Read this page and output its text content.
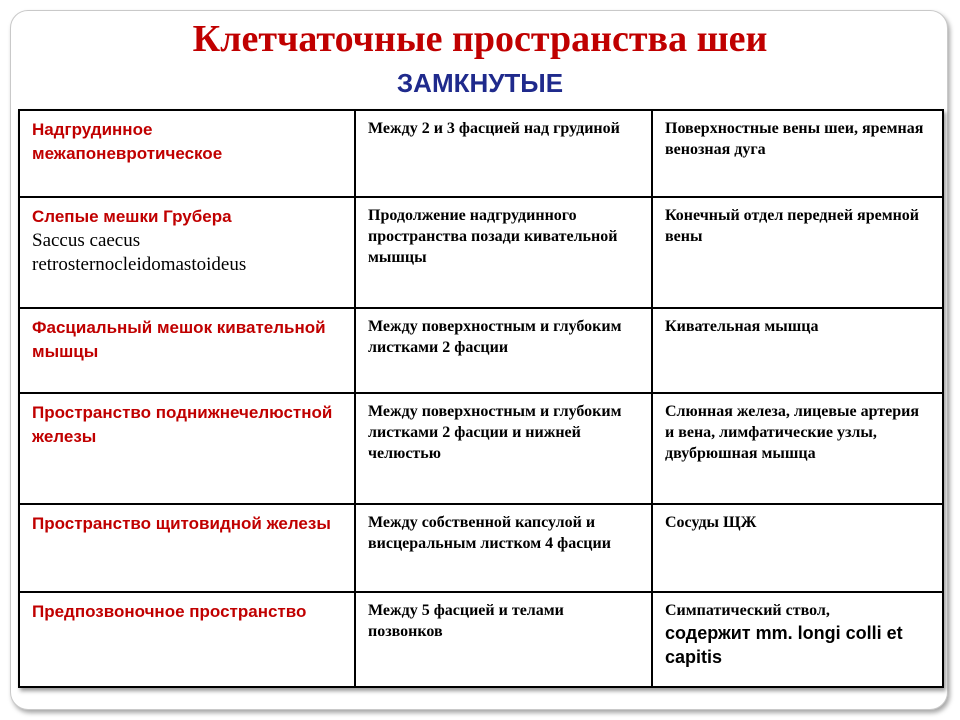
Клетчаточные пространства шеи
ЗАМКНУТЫЕ
Надгрудинное межапоневротическое	Между 2 и 3 фасцией над грудиной	Поверхностные вены шеи, яремная венозная дуга

Слепые мешки Грубера
Saccus caecus retrosternocleidomastoideus	Продолжение надгрудинного пространства позади кивательной мышцы	Конечный отдел передней яремной вены

Фасциальный мешок кивательной мышцы	Между поверхностным и глубоким листками 2 фасции	Кивательная мышца

Пространство поднижнечелюстной железы	Между поверхностным и глубоким листками 2 фасции и нижней челюстью	Слюнная железа, лицевые артерия и вена, лимфатические узлы, двубрюшная мышца

Пространство щитовидной железы	Между собственной капсулой и висцеральным листком 4 фасции	Сосуды ЩЖ

Предпозвоночное пространство	Между 5 фасцией и телами позвонков	Симпатический ствол,
содержит mm. longi colli et capitis
